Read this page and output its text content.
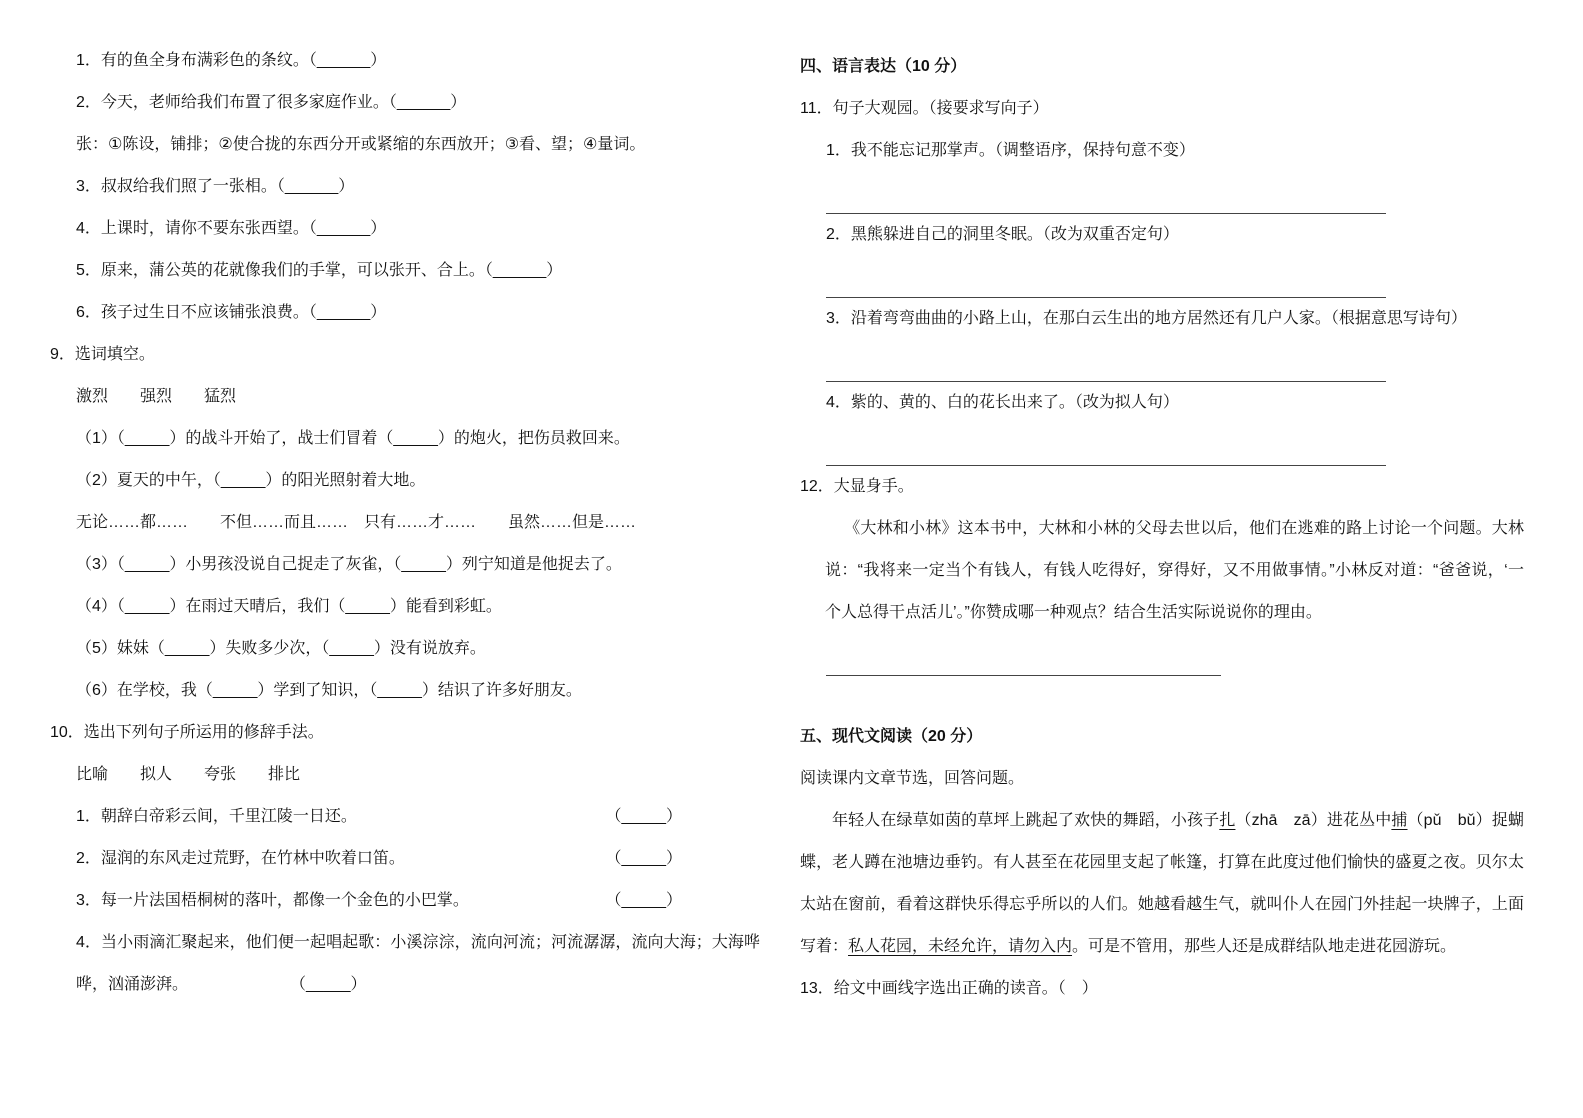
1．有的鱼全身布满彩色的条纹。（______）
2．今天，老师给我们布置了很多家庭作业。（______）
张：①陈设，铺排；②使合拢的东西分开或紧缩的东西放开；③看、望；④量词。
3．叔叔给我们照了一张相。（______）
4．上课时，请你不要东张西望。（______）
5．原来，蒲公英的花就像我们的手掌，可以张开、合上。（______）
6．孩子过生日不应该铺张浪费。（______）
9．选词填空。
激烈　　强烈　　猛烈
（1）（_____）的战斗开始了，战士们冒着（_____）的炮火，把伤员救回来。
（2）夏天的中午，（_____）的阳光照射着大地。
无论……都……　　不但……而且……　只有……才……　　虽然……但是……
（3）（_____）小男孩没说自己捉走了灰雀，（_____）列宁知道是他捉去了。
（4）（_____）在雨过天晴后，我们（_____）能看到彩虹。
（5）妹妹（_____）失败多少次，（_____）没有说放弃。
（6）在学校，我（_____）学到了知识，（_____）结识了许多好朋友。
10．选出下列句子所运用的修辞手法。
比喻　　拟人　　夸张　　排比
1．朝辞白帝彩云间，千里江陵一日还。	（_____）
2．湿润的东风走过荒野，在竹林中吹着口笛。	（_____）
3．每一片法国梧桐树的落叶，都像一个金色的小巴掌。	（_____）
4．当小雨滴汇聚起来，他们便一起唱起歌：小溪淙淙，流向河流；河流潺潺，流向大海；大海哗哗，汹涌澎湃。	（_____）
四、语言表达（10 分）
11．句子大观园。（接要求写向子）
1．我不能忘记那掌声。（调整语序，保持句意不变）
2．黑熊躲进自己的洞里冬眠。（改为双重否定句）
3．沿着弯弯曲曲的小路上山，在那白云生出的地方居然还有几户人家。（根据意思写诗句）
4．紫的、黄的、白的花长出来了。（改为拟人句）
12．大显身手。
《大林和小林》这本书中，大林和小林的父母去世以后，他们在逃难的路上讨论一个问题。大林说：“我将来一定当个有钱人，有钱人吃得好，穿得好，又不用做事情。”小林反对道：“爸爸说，‘一个人总得干点活儿’。”你赞成哪一种观点？结合生活实际说说你的理由。
五、现代文阅读（20 分）
阅读课内文章节选，回答问题。
年轻人在绿草如茵的草坪上跳起了欢快的舞蹈，小孩子扎（zhā　zā）进花丛中捕（pǔ　bǔ）捉蝴蝶，老人蹲在池塘边垂钓。有人甚至在花园里支起了帐篷，打算在此度过他们愉快的盛夏之夜。贝尔太太站在窗前，看着这群快乐得忘乎所以的人们。她越看越生气，就叫仆人在园门外挂起一块牌子，上面写着：私人花园，未经允许，请勿入内。可是不管用，那些人还是成群结队地走进花园游玩。
13．给文中画线字选出正确的读音。（　）
